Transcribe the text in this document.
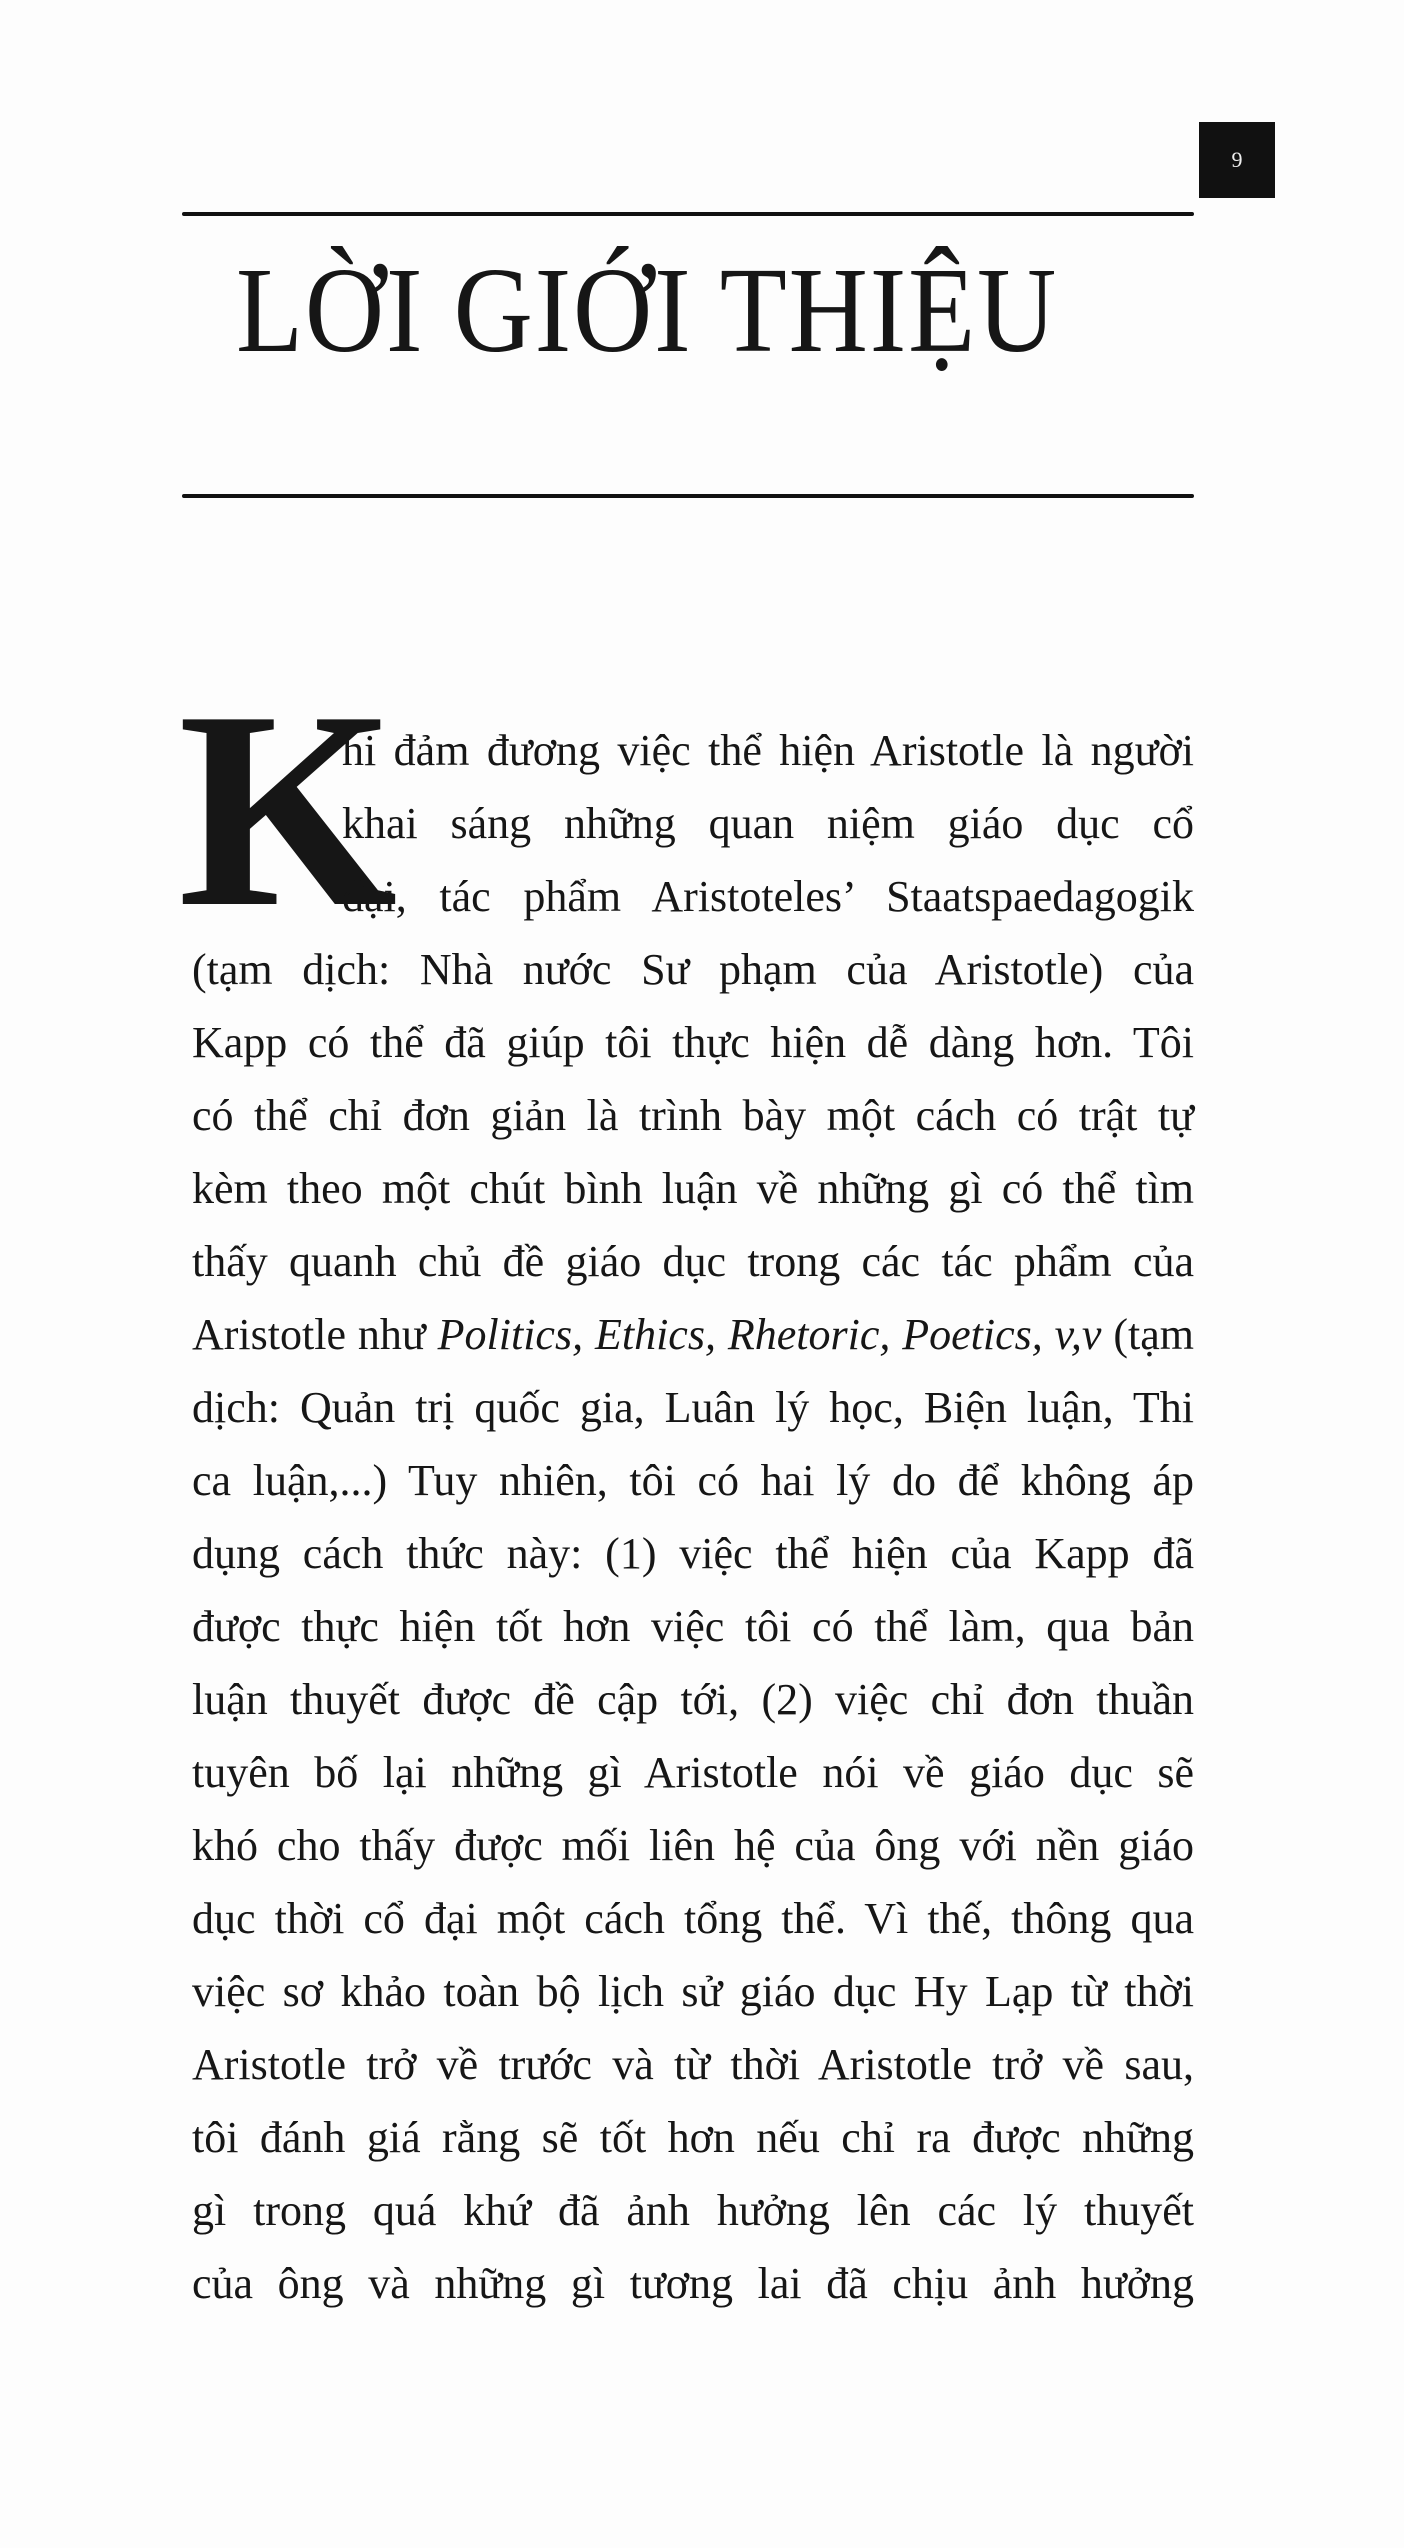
9
LỜI GIỚI THIỆU
K
hi đảm đương việc thể hiện Aristotle là người
khai sáng những quan niệm giáo dục cổ
đại, tác phẩm Aristoteles’ Staatspaedagogik
(tạm dịch: Nhà nước Sư phạm của Aristotle) của
Kapp có thể đã giúp tôi thực hiện dễ dàng hơn. Tôi
có thể chỉ đơn giản là trình bày một cách có trật tự
kèm theo một chút bình luận về những gì có thể tìm
thấy quanh chủ đề giáo dục trong các tác phẩm của
Aristotle như Politics, Ethics, Rhetoric, Poetics, v,v (tạm
dịch: Quản trị quốc gia, Luân lý học, Biện luận, Thi
ca luận,...) Tuy nhiên, tôi có hai lý do để không áp
dụng cách thức này: (1) việc thể hiện của Kapp đã
được thực hiện tốt hơn việc tôi có thể làm, qua bản
luận thuyết được đề cập tới, (2) việc chỉ đơn thuần
tuyên bố lại những gì Aristotle nói về giáo dục sẽ
khó cho thấy được mối liên hệ của ông với nền giáo
dục thời cổ đại một cách tổng thể. Vì thế, thông qua
việc sơ khảo toàn bộ lịch sử giáo dục Hy Lạp từ thời
Aristotle trở về trước và từ thời Aristotle trở về sau,
tôi đánh giá rằng sẽ tốt hơn nếu chỉ ra được những
gì trong quá khứ đã ảnh hưởng lên các lý thuyết
của ông và những gì tương lai đã chịu ảnh hưởng
